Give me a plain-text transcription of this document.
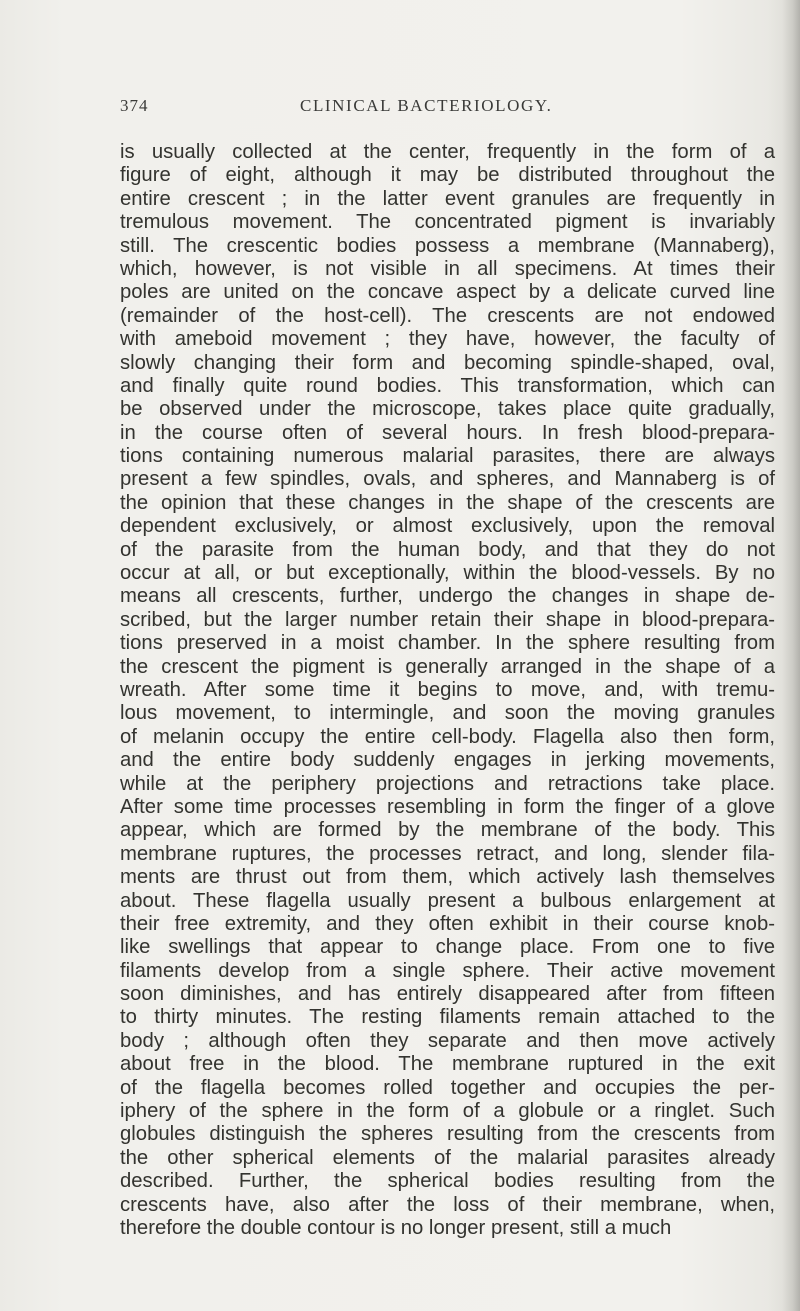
374	CLINICAL BACTERIOLOGY.
is usually collected at the center, frequently in the form of a
figure of eight, although it may be distributed throughout the
entire crescent ; in the latter event granules are frequently in
tremulous movement. The concentrated pigment is invariably
still. The crescentic bodies possess a membrane (Mannaberg),
which, however, is not visible in all specimens. At times their
poles are united on the concave aspect by a delicate curved line
(remainder of the host-cell). The crescents are not endowed
with ameboid movement ; they have, however, the faculty of
slowly changing their form and becoming spindle-shaped, oval,
and finally quite round bodies. This transformation, which can
be observed under the microscope, takes place quite gradually,
in the course often of several hours. In fresh blood-prepara-
tions containing numerous malarial parasites, there are always
present a few spindles, ovals, and spheres, and Mannaberg is of
the opinion that these changes in the shape of the crescents are
dependent exclusively, or almost exclusively, upon the removal
of the parasite from the human body, and that they do not
occur at all, or but exceptionally, within the blood-vessels. By no
means all crescents, further, undergo the changes in shape de-
scribed, but the larger number retain their shape in blood-prepara-
tions preserved in a moist chamber. In the sphere resulting from
the crescent the pigment is generally arranged in the shape of a
wreath. After some time it begins to move, and, with tremu-
lous movement, to intermingle, and soon the moving granules
of melanin occupy the entire cell-body. Flagella also then form,
and the entire body suddenly engages in jerking movements,
while at the periphery projections and retractions take place.
After some time processes resembling in form the finger of a glove
appear, which are formed by the membrane of the body. This
membrane ruptures, the processes retract, and long, slender fila-
ments are thrust out from them, which actively lash themselves
about. These flagella usually present a bulbous enlargement at
their free extremity, and they often exhibit in their course knob-
like swellings that appear to change place. From one to five
filaments develop from a single sphere. Their active movement
soon diminishes, and has entirely disappeared after from fifteen
to thirty minutes. The resting filaments remain attached to the
body ; although often they separate and then move actively
about free in the blood. The membrane ruptured in the exit
of the flagella becomes rolled together and occupies the per-
iphery of the sphere in the form of a globule or a ringlet. Such
globules distinguish the spheres resulting from the crescents from
the other spherical elements of the malarial parasites already
described. Further, the spherical bodies resulting from the
crescents have, also after the loss of their membrane, when,
therefore the double contour is no longer present, still a much
